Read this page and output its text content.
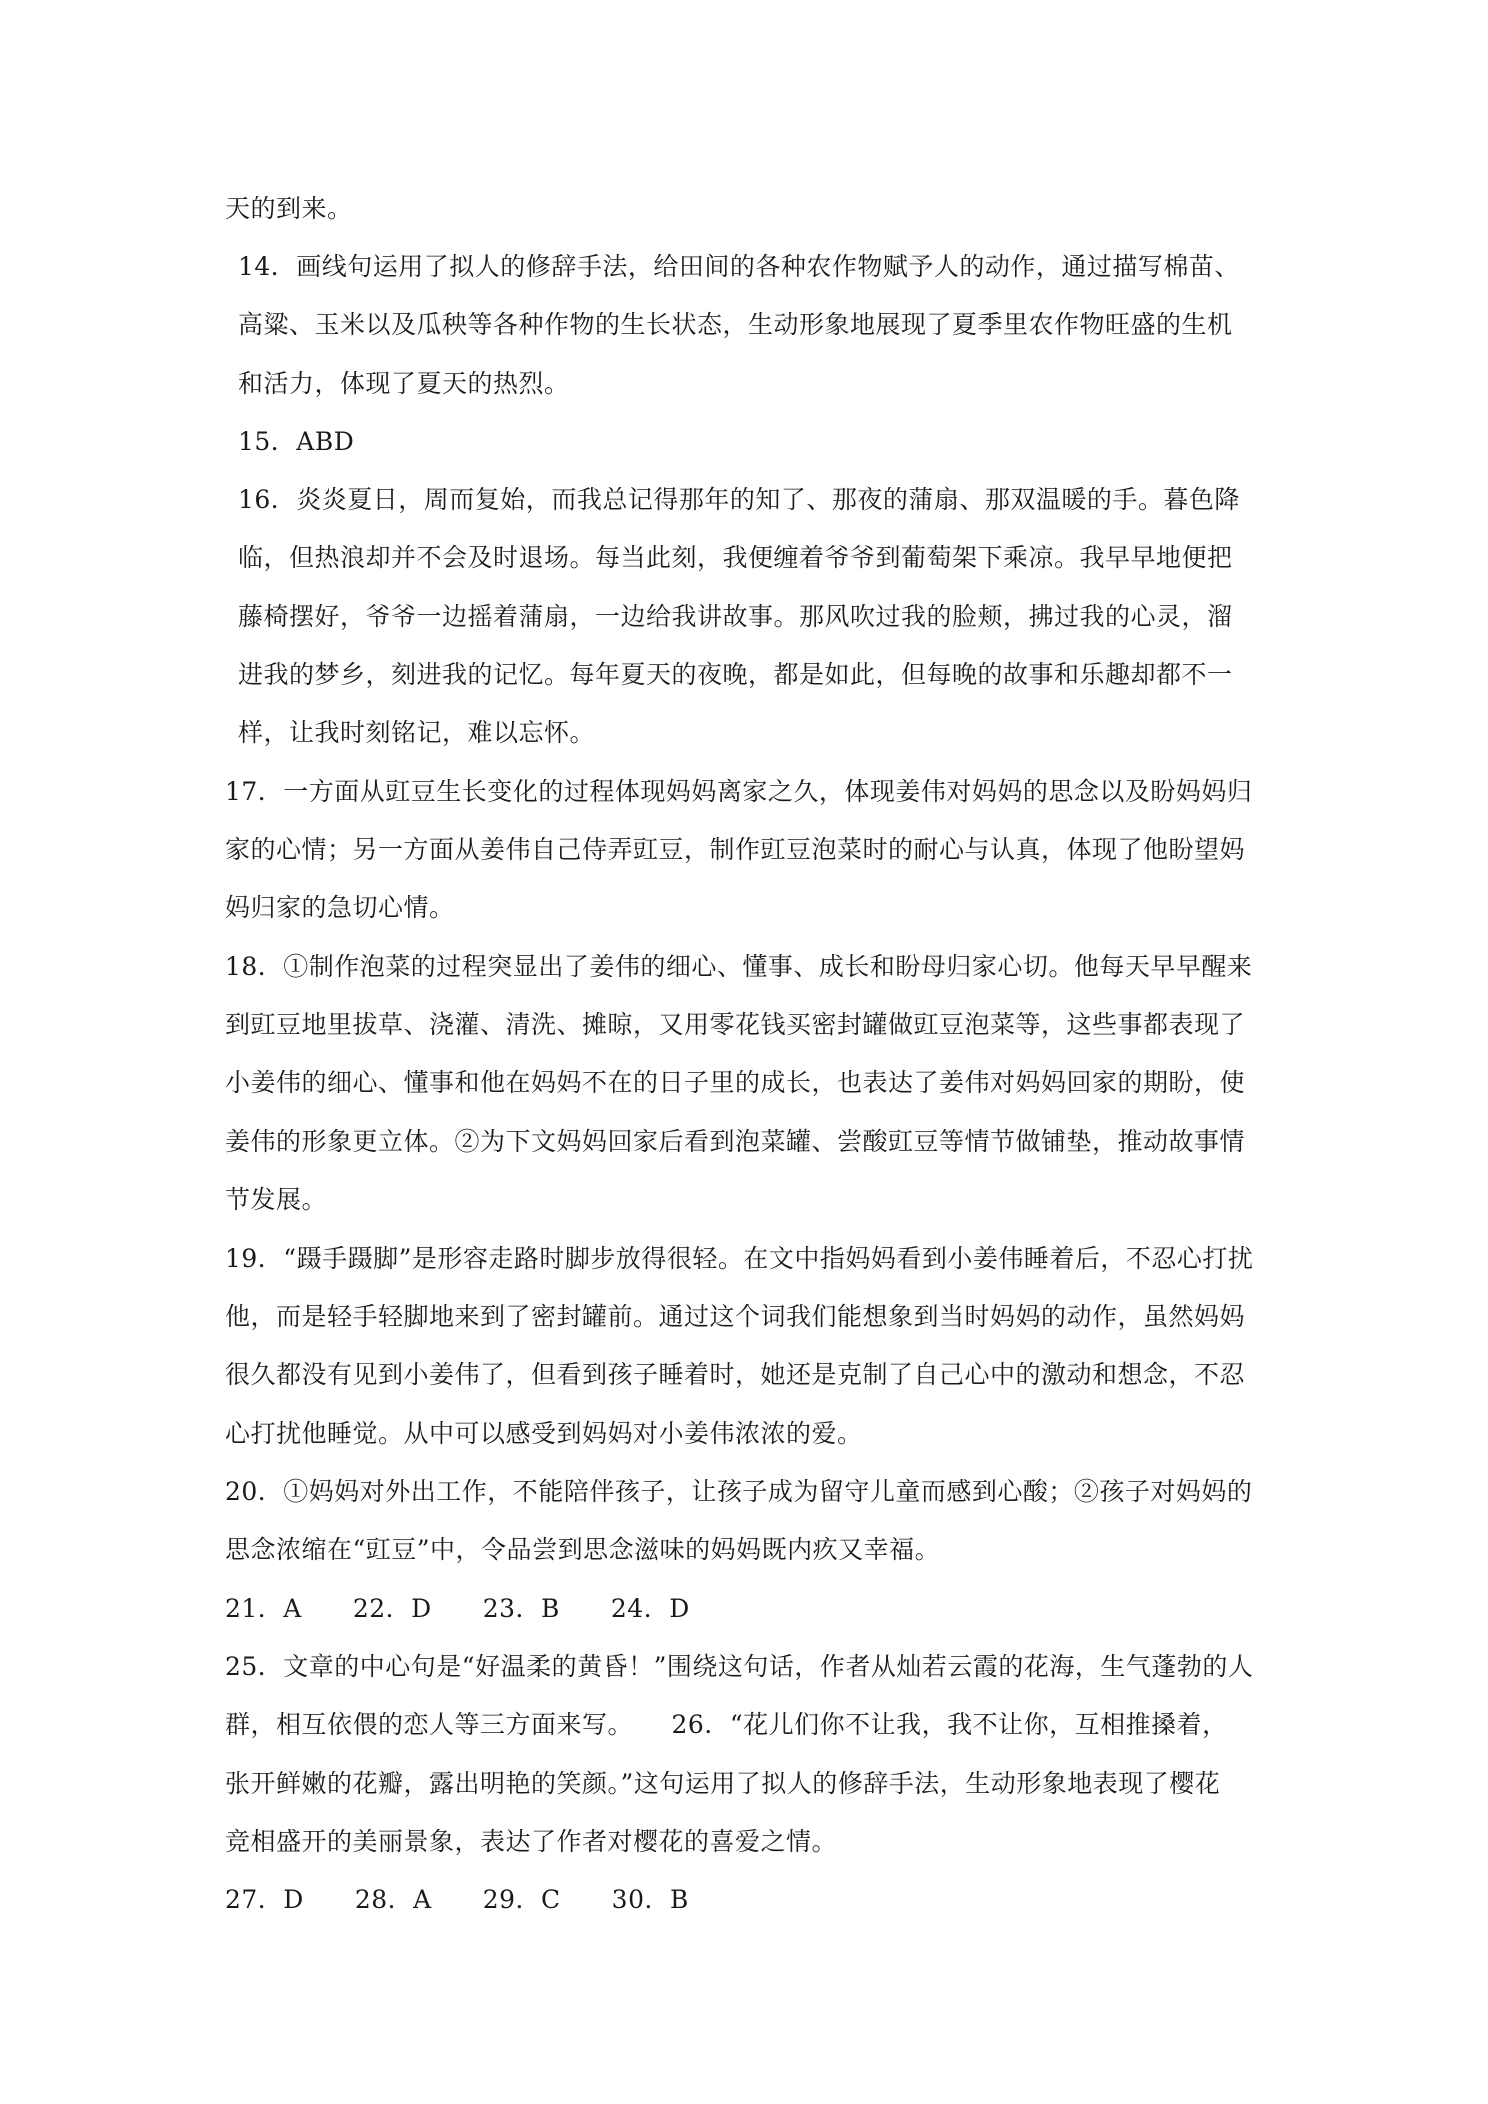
天的到来。
14．画线句运用了拟人的修辞手法，给田间的各种农作物赋予人的动作，通过描写棉苗、
高粱、玉米以及瓜秧等各种作物的生长状态，生动形象地展现了夏季里农作物旺盛的生机
和活力，体现了夏天的热烈。
15．ABD
16．炎炎夏日，周而复始，而我总记得那年的知了、那夜的蒲扇、那双温暖的手。暮色降
临，但热浪却并不会及时退场。每当此刻，我便缠着爷爷到葡萄架下乘凉。我早早地便把
藤椅摆好，爷爷一边摇着蒲扇，一边给我讲故事。那风吹过我的脸颊，拂过我的心灵，溜
进我的梦乡，刻进我的记忆。每年夏天的夜晚，都是如此，但每晚的故事和乐趣却都不一
样，让我时刻铭记，难以忘怀。
17．一方面从豇豆生长变化的过程体现妈妈离家之久，体现姜伟对妈妈的思念以及盼妈妈归
家的心情；另一方面从姜伟自己侍弄豇豆，制作豇豆泡菜时的耐心与认真，体现了他盼望妈
妈归家的急切心情。
18．①制作泡菜的过程突显出了姜伟的细心、懂事、成长和盼母归家心切。他每天早早醒来
到豇豆地里拔草、浇灌、清洗、摊晾，又用零花钱买密封罐做豇豆泡菜等，这些事都表现了
小姜伟的细心、懂事和他在妈妈不在的日子里的成长，也表达了姜伟对妈妈回家的期盼，使
姜伟的形象更立体。②为下文妈妈回家后看到泡菜罐、尝酸豇豆等情节做铺垫，推动故事情
节发展。
19．“蹑手蹑脚”是形容走路时脚步放得很轻。在文中指妈妈看到小姜伟睡着后，不忍心打扰
他，而是轻手轻脚地来到了密封罐前。通过这个词我们能想象到当时妈妈的动作，虽然妈妈
很久都没有见到小姜伟了，但看到孩子睡着时，她还是克制了自己心中的激动和想念，不忍
心打扰他睡觉。从中可以感受到妈妈对小姜伟浓浓的爱。
20．①妈妈对外出工作，不能陪伴孩子，让孩子成为留守儿童而感到心酸；②孩子对妈妈的
思念浓缩在“豇豆”中，令品尝到思念滋味的妈妈既内疚又幸福。
21．A　　22．D　　23．B　　24．D
25．文章的中心句是“好温柔的黄昏！”围绕这句话，作者从灿若云霞的花海，生气蓬勃的人
群，相互依偎的恋人等三方面来写。　　26．“花儿们你不让我，我不让你，互相推搡着，
张开鲜嫩的花瓣，露出明艳的笑颜。”这句运用了拟人的修辞手法，生动形象地表现了樱花
竞相盛开的美丽景象，表达了作者对樱花的喜爱之情。
27．D　　28．A　　29．C　　30．B
